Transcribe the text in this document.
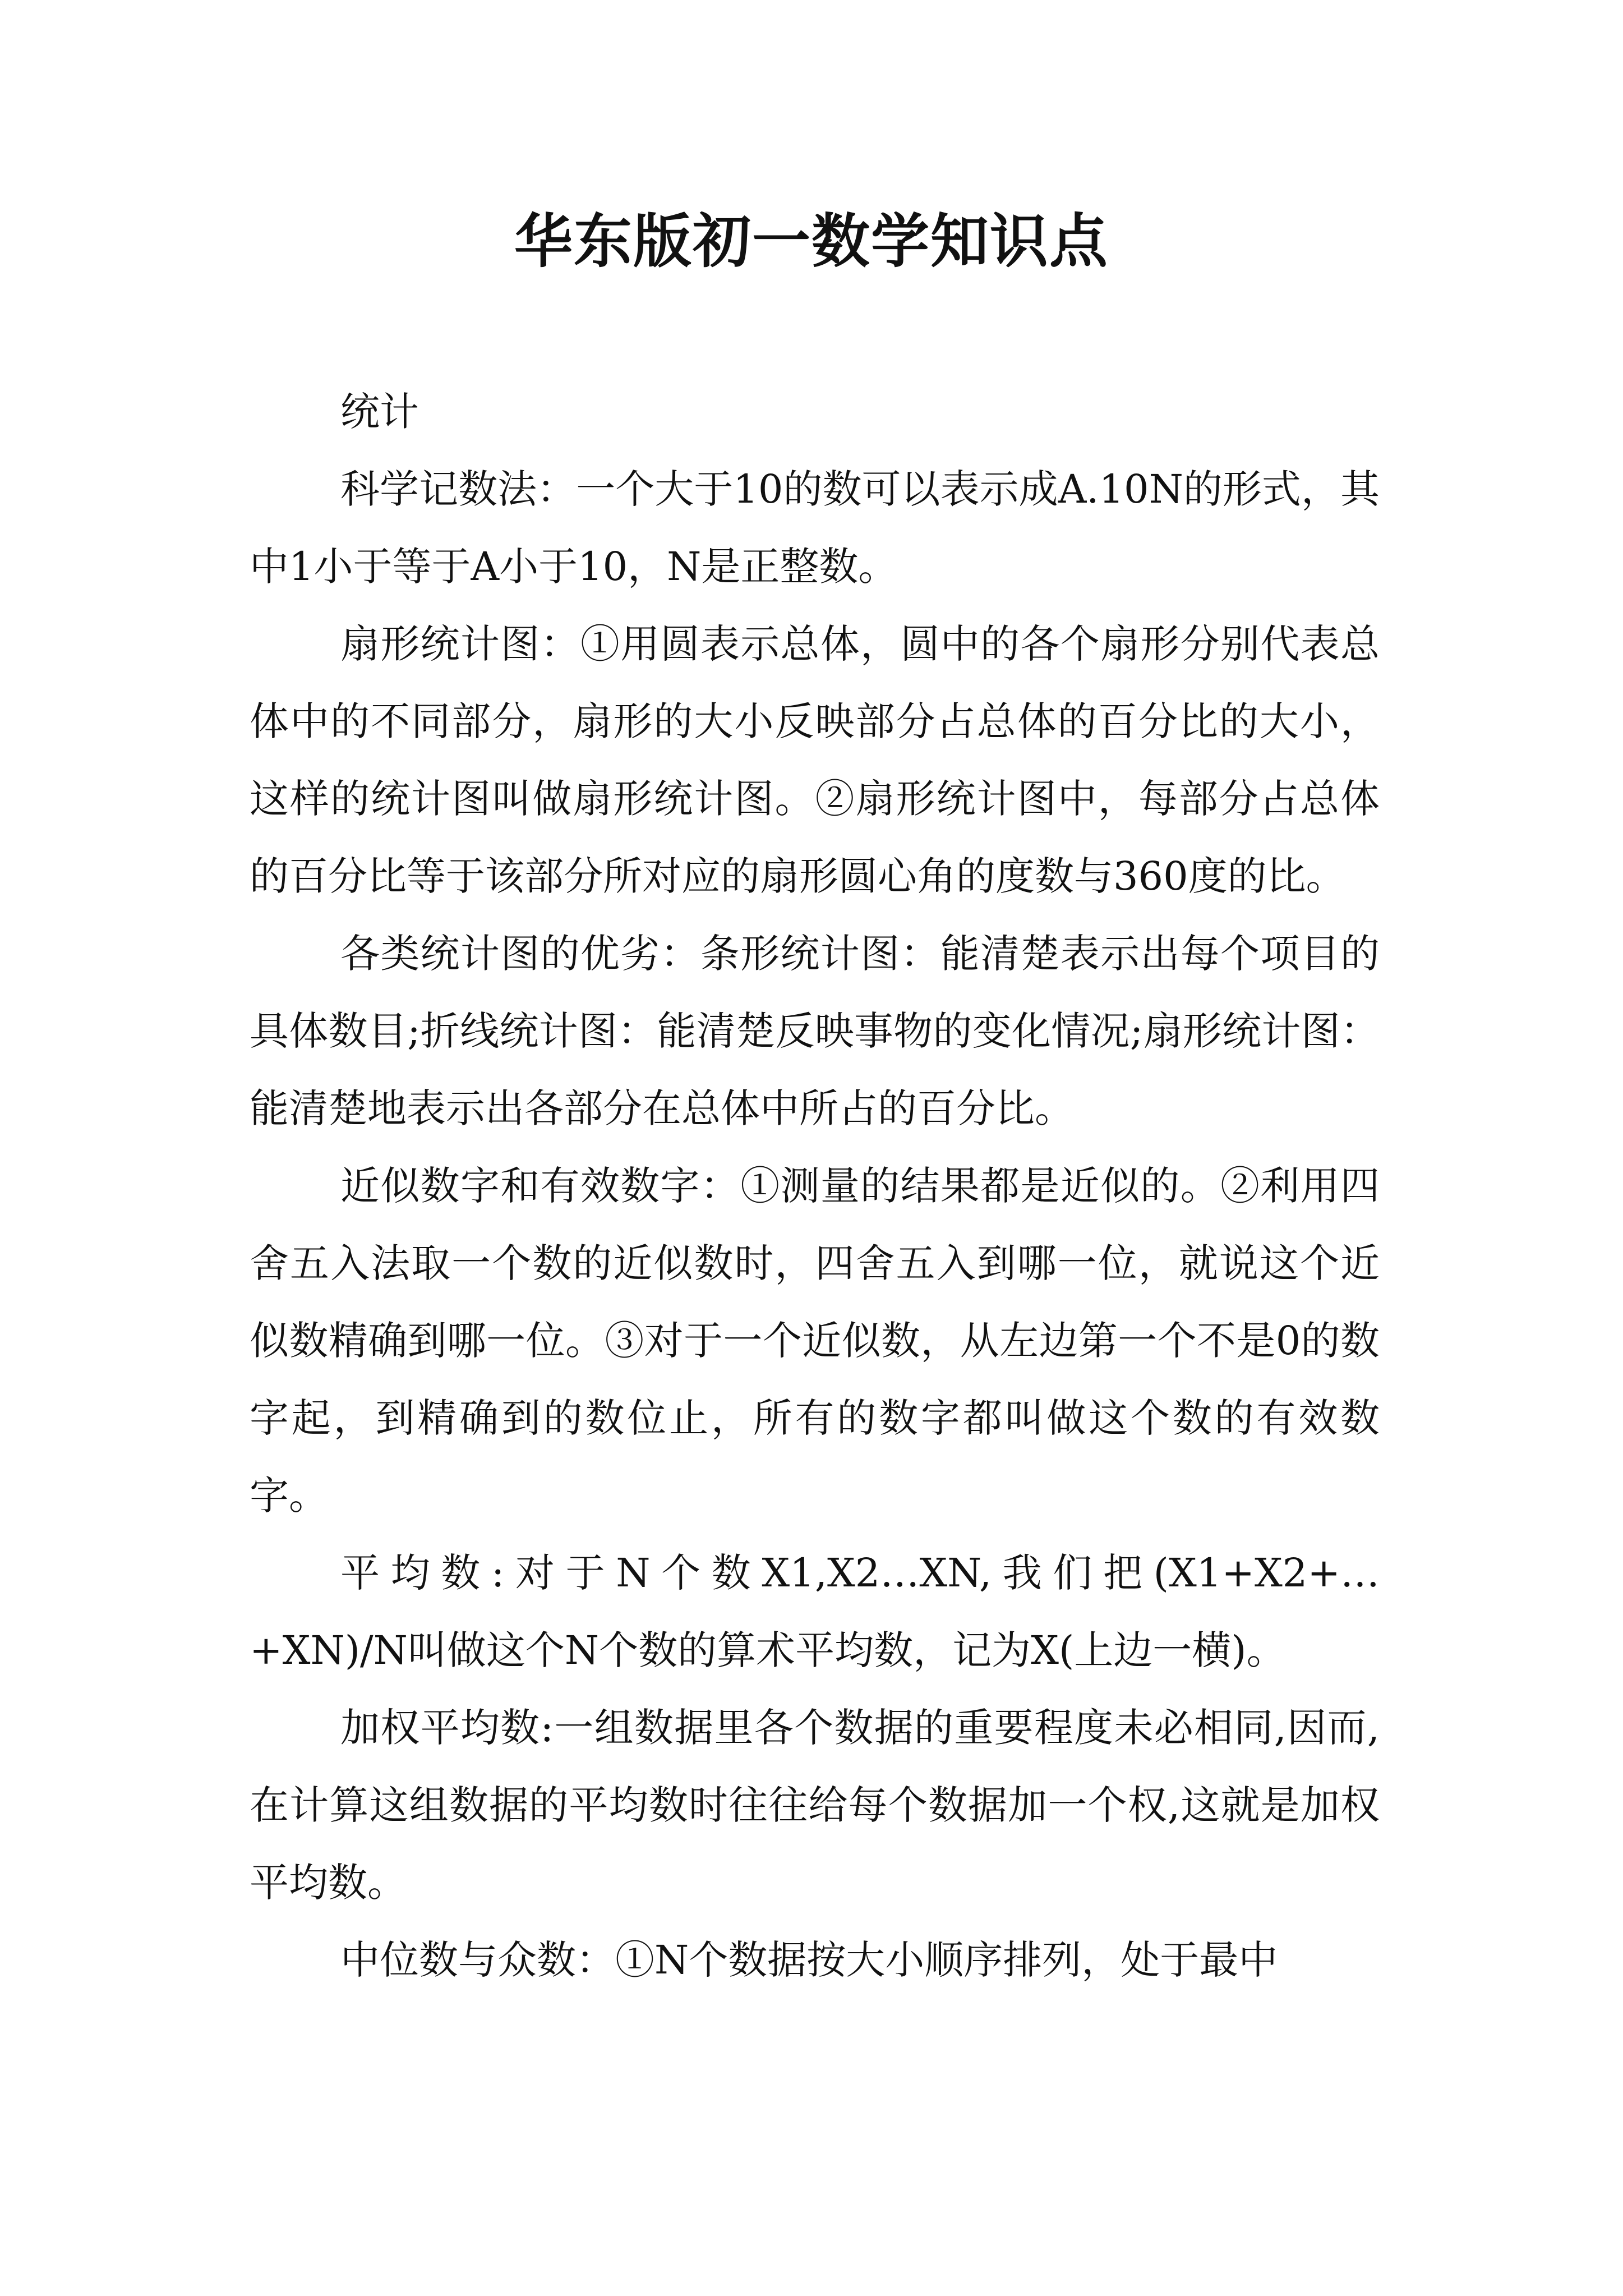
华东版初一数学知识点

统计

科学记数法：一个大于10的数可以表示成A.10N的形式，其中1小于等于A小于10，N是正整数。

扇形统计图：①用圆表示总体，圆中的各个扇形分别代表总体中的不同部分，扇形的大小反映部分占总体的百分比的大小，这样的统计图叫做扇形统计图。②扇形统计图中，每部分占总体的百分比等于该部分所对应的扇形圆心角的度数与360度的比。

各类统计图的优劣：条形统计图：能清楚表示出每个项目的具体数目;折线统计图：能清楚反映事物的变化情况;扇形统计图：能清楚地表示出各部分在总体中所占的百分比。

近似数字和有效数字：①测量的结果都是近似的。②利用四舍五入法取一个数的近似数时，四舍五入到哪一位，就说这个近似数精确到哪一位。③对于一个近似数，从左边第一个不是0的数字起，到精确到的数位止，所有的数字都叫做这个数的有效数字。

平均数:对于N个数X1,X2…XN,我们把(X1+X2+…+XN)/N叫做这个N个数的算术平均数，记为X(上边一横)。

加权平均数:一组数据里各个数据的重要程度未必相同,因而,在计算这组数据的平均数时往往给每个数据加一个权,这就是加权平均数。

中位数与众数：①N个数据按大小顺序排列，处于最中
